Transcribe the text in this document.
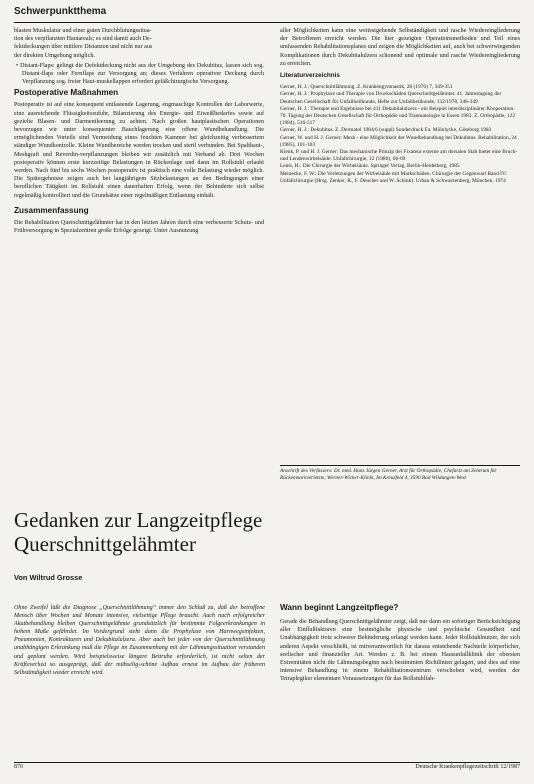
Schwerpunktthema
blasten Muskulatur und einer guten Durchblutungssitua-
tion des verpflanzten Hautareals; es sind damit auch De-
fektdeckungen über mittlere Distanzen und nicht nur aus
der direkten Umgebung möglich.

• Distant-Flaps: gelingt die Defektdeckung nicht aus der Umgebung des Dekubitus, lassen sich sog. Distant-flaps oder Fernflaps zur Versorgung an; dieses Verfahren operativer Deckung durch Verpflanzung sog. freier Haut-muskellappen erfordert gefäßchirurgische Versorgung.

Postoperative Maßnahmen

Postoperativ ist auf eine konsequent entlastende Lagerung, engmaschige Kontrollen der Laborwerte, eine ausreichende Flüssigkeitszufuhr, Bilanzierung des Energie- und Eiweißbedarfes sowie auf gezielte Blasen- und Darmentleerung zu achten. Nach großen hautplastischen Operationen bevorzugen wir unter konsequenter Bauchlagerung eine offene Wundbehandlung. Die ermöglichenden Vorteile sind Vermeidung eines feuchten Kammer bei gleichzeitig verbessertem ständiger Wundkontrolle. Kleine Wundbereiche werden trocken und steril verbunden. Bei Spalthaut-, Meshgraft und Reverdin-verpflanzungen bleiben wir zusätzlich mit Verband ab. Drei Wochen postoperativ können erste kurzzeitige Belastungen in Rückenlage und dann im Rollstuhl erlaubt werden. Nach fünf bis sechs Wochen postoperativ ist praktisch eine volle Belastung wieder möglich. Die Spätergebnisse zeigen auch bei langjährigem Sitzbelastungen an den Bedingungen einer beruflichen Tätigkeit im Rollstuhl einen dauerhaften Erfolg, wenn der Behinderte sich selbst regelmäßig kontrolliert und die Grundsätze einer regelmäßigen Entlastung einhält.

Zusammenfassung

Die Rehabilitation Querschnittgelähmter hat in den letzten Jahren durch eine verbesserte Schutz- und Frühversorgung in Spezialzentren große Erfolge gezeigt. Unter Ausnutzung

aller Möglichkeiten kann eine weitestgehende Selbständigkeit und rasche Wiedereingliederung der Betroffenen erreicht werden. Die hier gezeigten Operationsmethoden und Teil eines umfassenden Rehabilitationsplanes und zeigen die Möglichkeiten auf, auch bei schwerwiegenden Komplikationen durch Dekubitalulzera schonend und optimale und rasche Wiedereingliederung zu erreichen.

Literaturverzeichnis

Gerner, H. J.: Querschnittlähmung. Z. Krankengymnastik, 28 (1976) 7, 349-351

Gerner, H. J.: Prophylaxe und Therapie von Druckschäden Querschnittgelähmter. 41. Jahrestagung der Deutschen Gesellschaft für Unfallheilkunde, Hefte zur Unfallheilkunde, 132/1978, 346-349

Gerner, H. J.: Therapie und Ergebnisse bei 411 Dekubitalulzera - ein Beispiel interdisziplinärer Kooperation. 70. Tagung der Deutschen Gesellschaft für Orthopädie und Traumatologie in Essen 1983. Z. Orthopädie, 122 (1984), 516-517

Gerner, H. J.: Dekubitus. Z. Dermatol 1984/6 (suppl) Sonderdruck Fa. Mölnlycke, Göteborg 1983

Gerner, W. und H. J. Gerner: Mesh - eine Möglichkeit der Wundbehandlung bei Dekubitus. Rehabilitation, 24 (1985), 101-103

Klenk, P. und H. J. Gerner: Das mechanische Prinzip der Fixateur externe am dorsalen Stab bietet eine Bruch- und Lendenwirbelsäule. Unfallchirurgie, 12 (1986), 66-69

Leuts, H.: Die Chirurgie der Wirbelsäule. Springer Verlag, Berlin-Heidelberg, 1985

Meinecke, F. W.: Die Verletzungen der Wirbelsäule mit Markschäden. Chirurgie der Gegenwart Band IV: Unfallchirurgie (Hrsg. Zenker, R., F. Deucher und W. Schink). Urban & Schwarzenberg, München, 1974

Anschrift des Verfassers: Dr. med. Hans Jürgen Gerner, Arzt für Orthopädie, Chefarzt am Zentrum für Rückenmarkverletzte, Werner-Wicker-Klinik, Im Kreuzfeld 4, 3590 Bad Wildungen-West
Gedanken zur Langzeitpflege
Querschnittgelähmter
Von Wiltrud Grosse
Ohne Zweifel läßt die Diagnose „Querschnittlähmung“ immer den Schluß zu, daß der betroffene Mensch über Wochen und Monate intensive, vielseitige Pflege braucht. Auch nach erfolgreicher Akutbehandlung bleiben Querschnittgelähmte grundsätzlich für bestimmte Folgeerkrankungen in hohem Maße gefährdet. Im Vordergrund steht dann die Prophylaxe von Harnwegsinfekten, Pneumonien, Kontrakturen und Dekubitalulzera. Aber auch bei jeder von der Querschnittlähmung unabhängigen Erkrankung muß die Pflege im Zusammenhang mit der Lähmungssituation verstanden und geplant werden. Wird beispielsweise längere Bettruhe erforderlich, ist nicht selten der Kräfteverlust so ausgeprägt, daß der mühselig-schöne Aufbau erneut im Aufbau der früheren Selbständigkeit wieder erreicht wird.
Wann beginnt Langzeitpflege?
Gerade die Behandlung Querschnittgelähmter zeigt, daß nur dann ein sofortiger Berücksichtigung aller Einflußfaktoren eine bestmögliche physische und psychische Gesundheit und Unabhängigkeit trotz schwerer Behinderung erlangt werden kann. Jeder Rollstuhlnutzer, der sich anderen Aspekt verschließt, ist mitverantwortlich für daraus entstehende Nachteile körperlicher, seelischer und finanzieller Art. Werden z. B. bei einem Hausunfallklinik der obersten Extremitäten nicht die Lähmungsbeginn nach bestimmten Richtlinien gelagert, und dies auf eine intensive Behandlung in einem Rehabilitationszentrum verschoben wird, werden der Tetraplegiker elementare Voraussetzungen für das Rollstuhlfah-
870	Deutsche Krankenpflegezeitschrift 12/1987
